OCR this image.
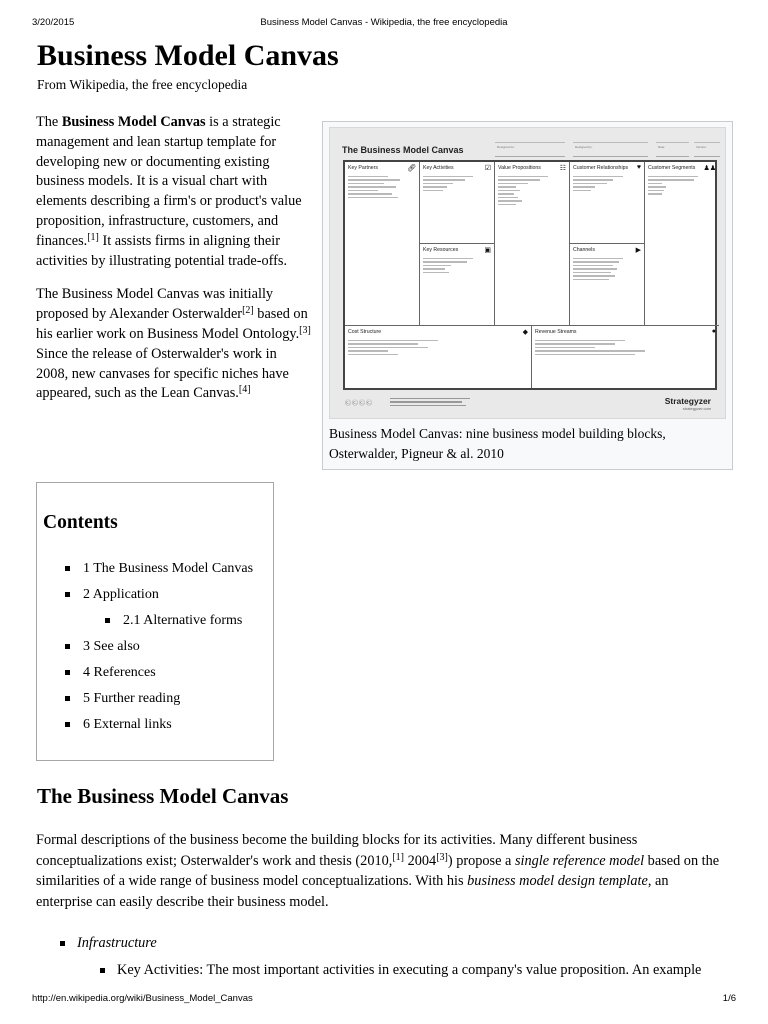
3/20/2015	Business Model Canvas - Wikipedia, the free encyclopedia
Business Model Canvas
From Wikipedia, the free encyclopedia

The Business Model Canvas is a strategic management and lean startup template for developing new or documenting existing business models. It is a visual chart with elements describing a firm's or product's value proposition, infrastructure, customers, and finances.[1] It assists firms in aligning their activities by illustrating potential trade-offs.

The Business Model Canvas was initially proposed by Alexander Osterwalder[2] based on his earlier work on Business Model Ontology.[3] Since the release of Osterwalder's work in 2008, new canvases for specific niches have appeared, such as the Lean Canvas.[4]

The Business Model Canvas	Designed for:	Designed by:	Date:	Version:
Key Partners	🔗︎ Key Activities	☑
Key Resources	▣
Value Propositions	☷ Customer Relationships	♥
Channels	▶
Customer Segments	♟♟
Cost Structure	◆ Revenue Streams	●
ⒸⒸⒸⒸ	Strategyzer
strategyzer.com
Business Model Canvas: nine business model building blocks, Osterwalder, Pigneur & al. 2010
Contents
1 The Business Model Canvas
2 Application
2.1 Alternative forms
3 See also
4 References
5 Further reading
6 External links
The Business Model Canvas

Formal descriptions of the business become the building blocks for its activities. Many different business conceptualizations exist; Osterwalder's work and thesis (2010,[1] 2004[3]) propose a single reference model based on the similarities of a wide range of business model conceptualizations. With his business model design template, an enterprise can easily describe their business model.

Infrastructure
Key Activities: The most important activities in executing a company's value proposition. An example
http://en.wikipedia.org/wiki/Business_Model_Canvas	1/6
